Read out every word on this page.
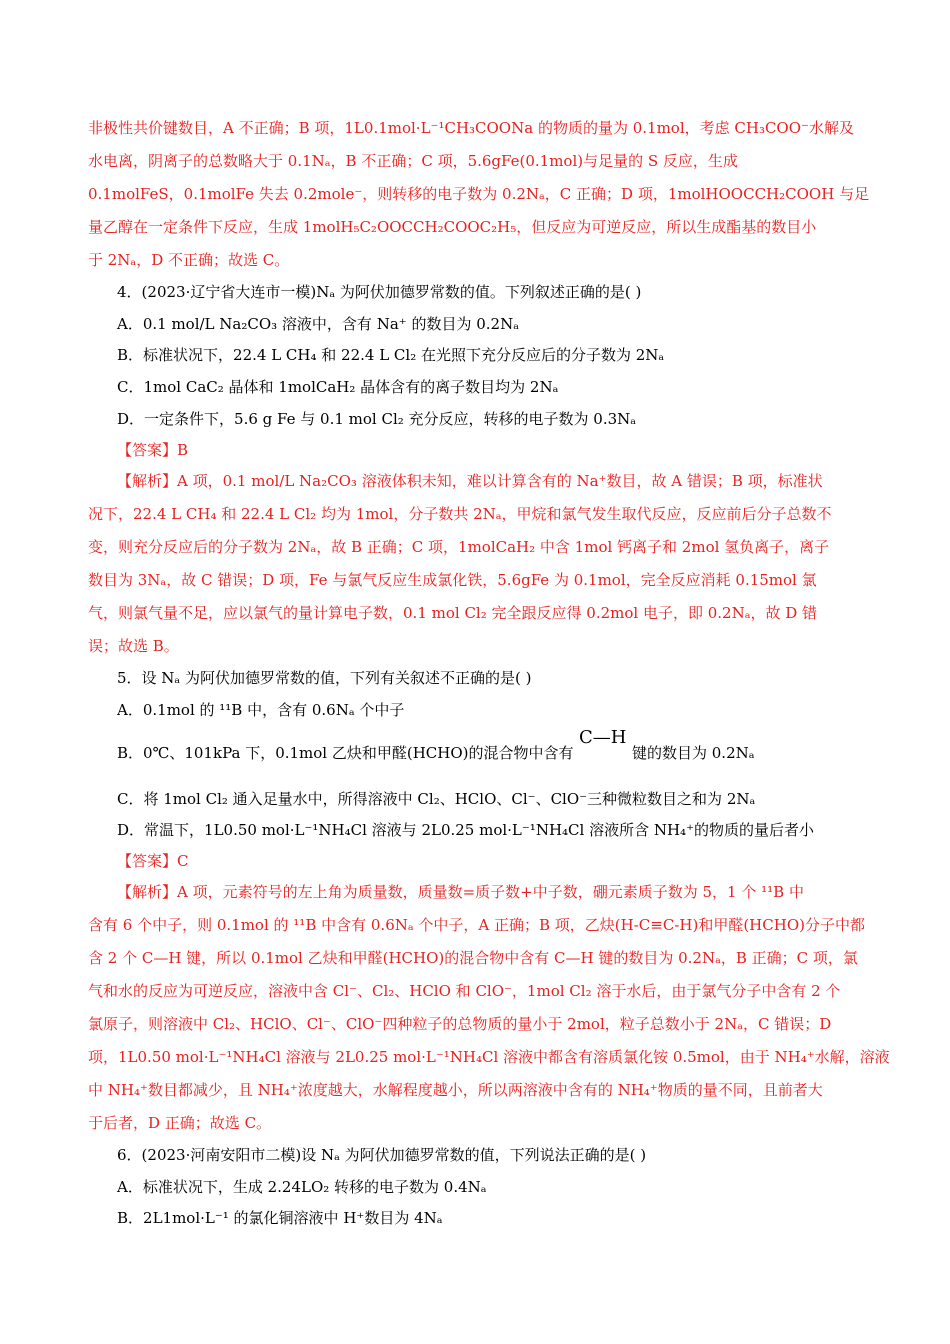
非极性共价键数目，A 不正确；B 项，1L0.1mol·L⁻¹CH₃COONa 的物质的量为 0.1mol，考虑 CH₃COO⁻水解及
水电离，阴离子的总数略大于 0.1Nₐ，B 不正确；C 项，5.6gFe(0.1mol)与足量的 S 反应，生成
0.1molFeS，0.1molFe 失去 0.2mole⁻，则转移的电子数为 0.2Nₐ，C 正确；D 项，1molHOOCCH₂COOH 与足
量乙醇在一定条件下反应，生成 1molH₅C₂OOCCH₂COOC₂H₅，但反应为可逆反应，所以生成酯基的数目小
于 2Nₐ，D 不正确；故选 C。
4．(2023·辽宁省大连市一模)Nₐ 为阿伏加德罗常数的值。下列叙述正确的是( )
A．0.1 mol/L Na₂CO₃ 溶液中，含有 Na⁺ 的数目为 0.2Nₐ
B．标准状况下，22.4 L CH₄ 和 22.4 L Cl₂ 在光照下充分反应后的分子数为 2Nₐ
C．1mol CaC₂ 晶体和 1molCaH₂ 晶体含有的离子数目均为 2Nₐ
D．一定条件下，5.6 g Fe 与 0.1 mol Cl₂ 充分反应，转移的电子数为 0.3Nₐ
【答案】B
【解析】A 项，0.1 mol/L Na₂CO₃ 溶液体积未知，难以计算含有的 Na⁺数目，故 A 错误；B 项，标准状
况下，22.4 L CH₄ 和 22.4 L Cl₂ 均为 1mol，分子数共 2Nₐ，甲烷和氯气发生取代反应，反应前后分子总数不
变，则充分反应后的分子数为 2Nₐ，故 B 正确；C 项，1molCaH₂ 中含 1mol 钙离子和 2mol 氢负离子，离子
数目为 3Nₐ，故 C 错误；D 项，Fe 与氯气反应生成氯化铁，5.6gFe 为 0.1mol，完全反应消耗 0.15mol 氯
气，则氯气量不足，应以氯气的量计算电子数，0.1 mol Cl₂ 完全跟反应得 0.2mol 电子，即 0.2Nₐ，故 D 错
误；故选 B。
5．设 Nₐ 为阿伏加德罗常数的值，下列有关叙述不正确的是( )
A．0.1mol 的 ¹¹B 中，含有 0.6Nₐ 个中子
B．0℃、101kPa 下，0.1mol 乙炔和甲醛(HCHO)的混合物中含有	键的数目为 0.2Nₐ
C—H
C．将 1mol Cl₂ 通入足量水中，所得溶液中 Cl₂、HClO、Cl⁻、ClO⁻三种微粒数目之和为 2Nₐ
D．常温下，1L0.50 mol·L⁻¹NH₄Cl 溶液与 2L0.25 mol·L⁻¹NH₄Cl 溶液所含 NH₄⁺的物质的量后者小
【答案】C
【解析】A 项，元素符号的左上角为质量数，质量数=质子数+中子数，硼元素质子数为 5，1 个 ¹¹B 中
含有 6 个中子，则 0.1mol 的 ¹¹B 中含有 0.6Nₐ 个中子，A 正确；B 项，乙炔(H-C≡C-H)和甲醛(HCHO)分子中都
含 2 个 C—H 键，所以 0.1mol 乙炔和甲醛(HCHO)的混合物中含有 C—H 键的数目为 0.2Nₐ，B 正确；C 项，氯
气和水的反应为可逆反应，溶液中含 Cl⁻、Cl₂、HClO 和 ClO⁻，1mol Cl₂ 溶于水后，由于氯气分子中含有 2 个
氯原子，则溶液中 Cl₂、HClO、Cl⁻、ClO⁻四种粒子的总物质的量小于 2mol，粒子总数小于 2Nₐ，C 错误；D
项，1L0.50 mol·L⁻¹NH₄Cl 溶液与 2L0.25 mol·L⁻¹NH₄Cl 溶液中都含有溶质氯化铵 0.5mol，由于 NH₄⁺水解，溶液
中 NH₄⁺数目都减少，且 NH₄⁺浓度越大，水解程度越小，所以两溶液中含有的 NH₄⁺物质的量不同，且前者大
于后者，D 正确；故选 C。
6．(2023·河南安阳市二模)设 Nₐ 为阿伏加德罗常数的值，下列说法正确的是( )
A．标准状况下，生成 2.24LO₂ 转移的电子数为 0.4Nₐ
B．2L1mol·L⁻¹ 的氯化铜溶液中 H⁺数目为 4Nₐ
